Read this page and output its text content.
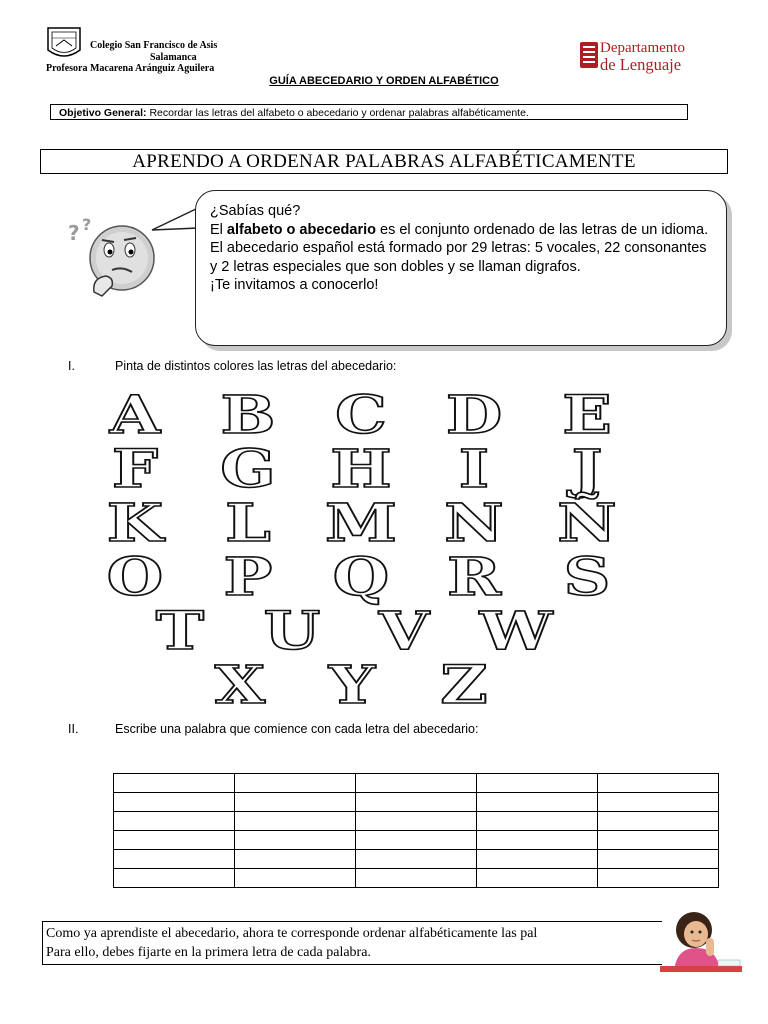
Colegio San Francisco de Asis
Salamanca
Profesora Macarena Aránguiz Aguilera
Departamento
de Lenguaje
GUÍA ABECEDARIO Y ORDEN ALFABÉTICO
Objetivo General: Recordar las letras del alfabeto o abecedario y ordenar palabras alfabéticamente.
APRENDO A ORDENAR PALABRAS ALFABÉTICAMENTE
? ?
¿Sabías qué?
El alfabeto o abecedario es el conjunto ordenado de las letras de un idioma.
El abecedario español está formado por 29 letras: 5 vocales, 22 consonantes y 2 letras especiales que son dobles y se llaman digrafos.
¡Te invitamos a conocerlo!
I.	Pinta de distintos colores las letras del abecedario:
A B C D E
F G H I J
K L M N Ñ
O P Q R S
T U V W
X Y Z
II.	Escribe una palabra que comience con cada letra del abecedario:

Como ya aprendiste el abecedario, ahora te corresponde ordenar alfabéticamente las pal
Para ello, debes fijarte en la primera letra de cada palabra.
